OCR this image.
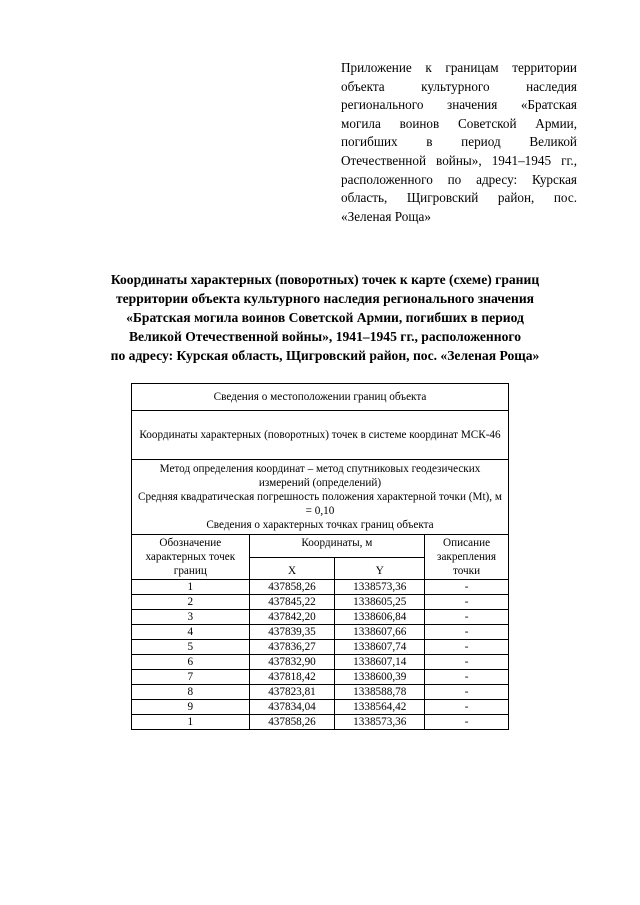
Приложение к границам территории объекта культурного наследия регионального значения «Братская могила воинов Советской Армии, погибших в период Великой Отечественной войны», 1941–1945 гг., расположенного по адресу: Курская область, Щигровский район, пос. «Зеленая Роща»

Координаты характерных (поворотных) точек к карте (схеме) границ
территории объекта культурного наследия регионального значения
«Братская могила воинов Советской Армии, погибших в период
Великой Отечественной войны», 1941–1945 гг., расположенного
по адресу: Курская область, Щигровский район, пос. «Зеленая Роща»
Сведения о местоположении границ объекта			
Координаты характерных (поворотных) точек в системе координат МСК-46			

Метод определения координат – метод спутниковых геодезических измерений (определений)
Средняя квадратическая погрешность положения характерной точки (Mt), м = 0,10
Сведения о характерных точках границ объекта			

Обозначение характерных точек границ	Координаты, м		Описание закрепления точки
	X	Y	
1	437858,26	1338573,36	-
2	437845,22	1338605,25	-
3	437842,20	1338606,84	-
4	437839,35	1338607,66	-
5	437836,27	1338607,74	-
6	437832,90	1338607,14	-
7	437818,42	1338600,39	-
8	437823,81	1338588,78	-
9	437834,04	1338564,42	-
1	437858,26	1338573,36	-
